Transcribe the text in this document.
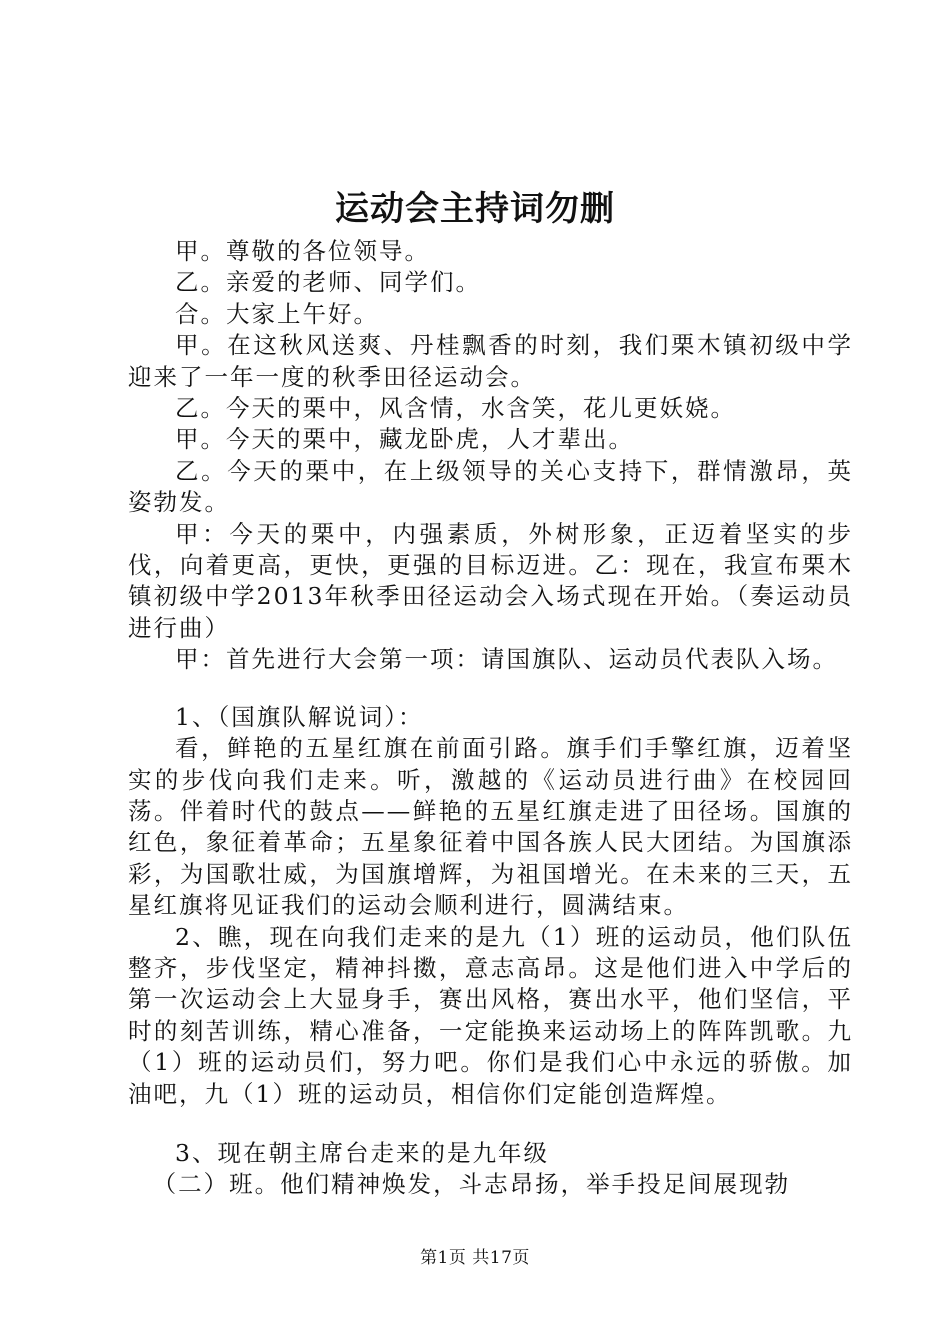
运动会主持词勿删

甲。尊敬的各位领导。

乙。亲爱的老师、同学们。

合。大家上午好。

甲。在这秋风送爽、丹桂飘香的时刻，我们栗木镇初级中学迎来了一年一度的秋季田径运动会。

乙。今天的栗中，风含情，水含笑，花儿更妖娆。

甲。今天的栗中，藏龙卧虎，人才辈出。

乙。今天的栗中，在上级领导的关心支持下，群情激昂，英姿勃发。

甲：今天的栗中，内强素质，外树形象，正迈着坚实的步伐，向着更高，更快，更强的目标迈进。乙：现在，我宣布栗木镇初级中学2013年秋季田径运动会入场式现在开始。（奏运动员进行曲）

甲：首先进行大会第一项：请国旗队、运动员代表队入场。

1、（国旗队解说词）：

看，鲜艳的五星红旗在前面引路。旗手们手擎红旗，迈着坚实的步伐向我们走来。听，激越的《运动员进行曲》在校园回荡。伴着时代的鼓点——鲜艳的五星红旗走进了田径场。国旗的红色，象征着革命；五星象征着中国各族人民大团结。为国旗添彩，为国歌壮威，为国旗增辉，为祖国增光。在未来的三天，五星红旗将见证我们的运动会顺利进行，圆满结束。

2、瞧，现在向我们走来的是九（1）班的运动员，他们队伍整齐，步伐坚定，精神抖擞，意志高昂。这是他们进入中学后的第一次运动会上大显身手，赛出风格，赛出水平，他们坚信，平时的刻苦训练，精心准备，一定能换来运动场上的阵阵凯歌。九（1）班的运动员们，努力吧。你们是我们心中永远的骄傲。加油吧，九（1）班的运动员，相信你们定能创造辉煌。

3、现在朝主席台走来的是九年级

（二）班。他们精神焕发，斗志昂扬，举手投足间展现勃

第1页 共17页
